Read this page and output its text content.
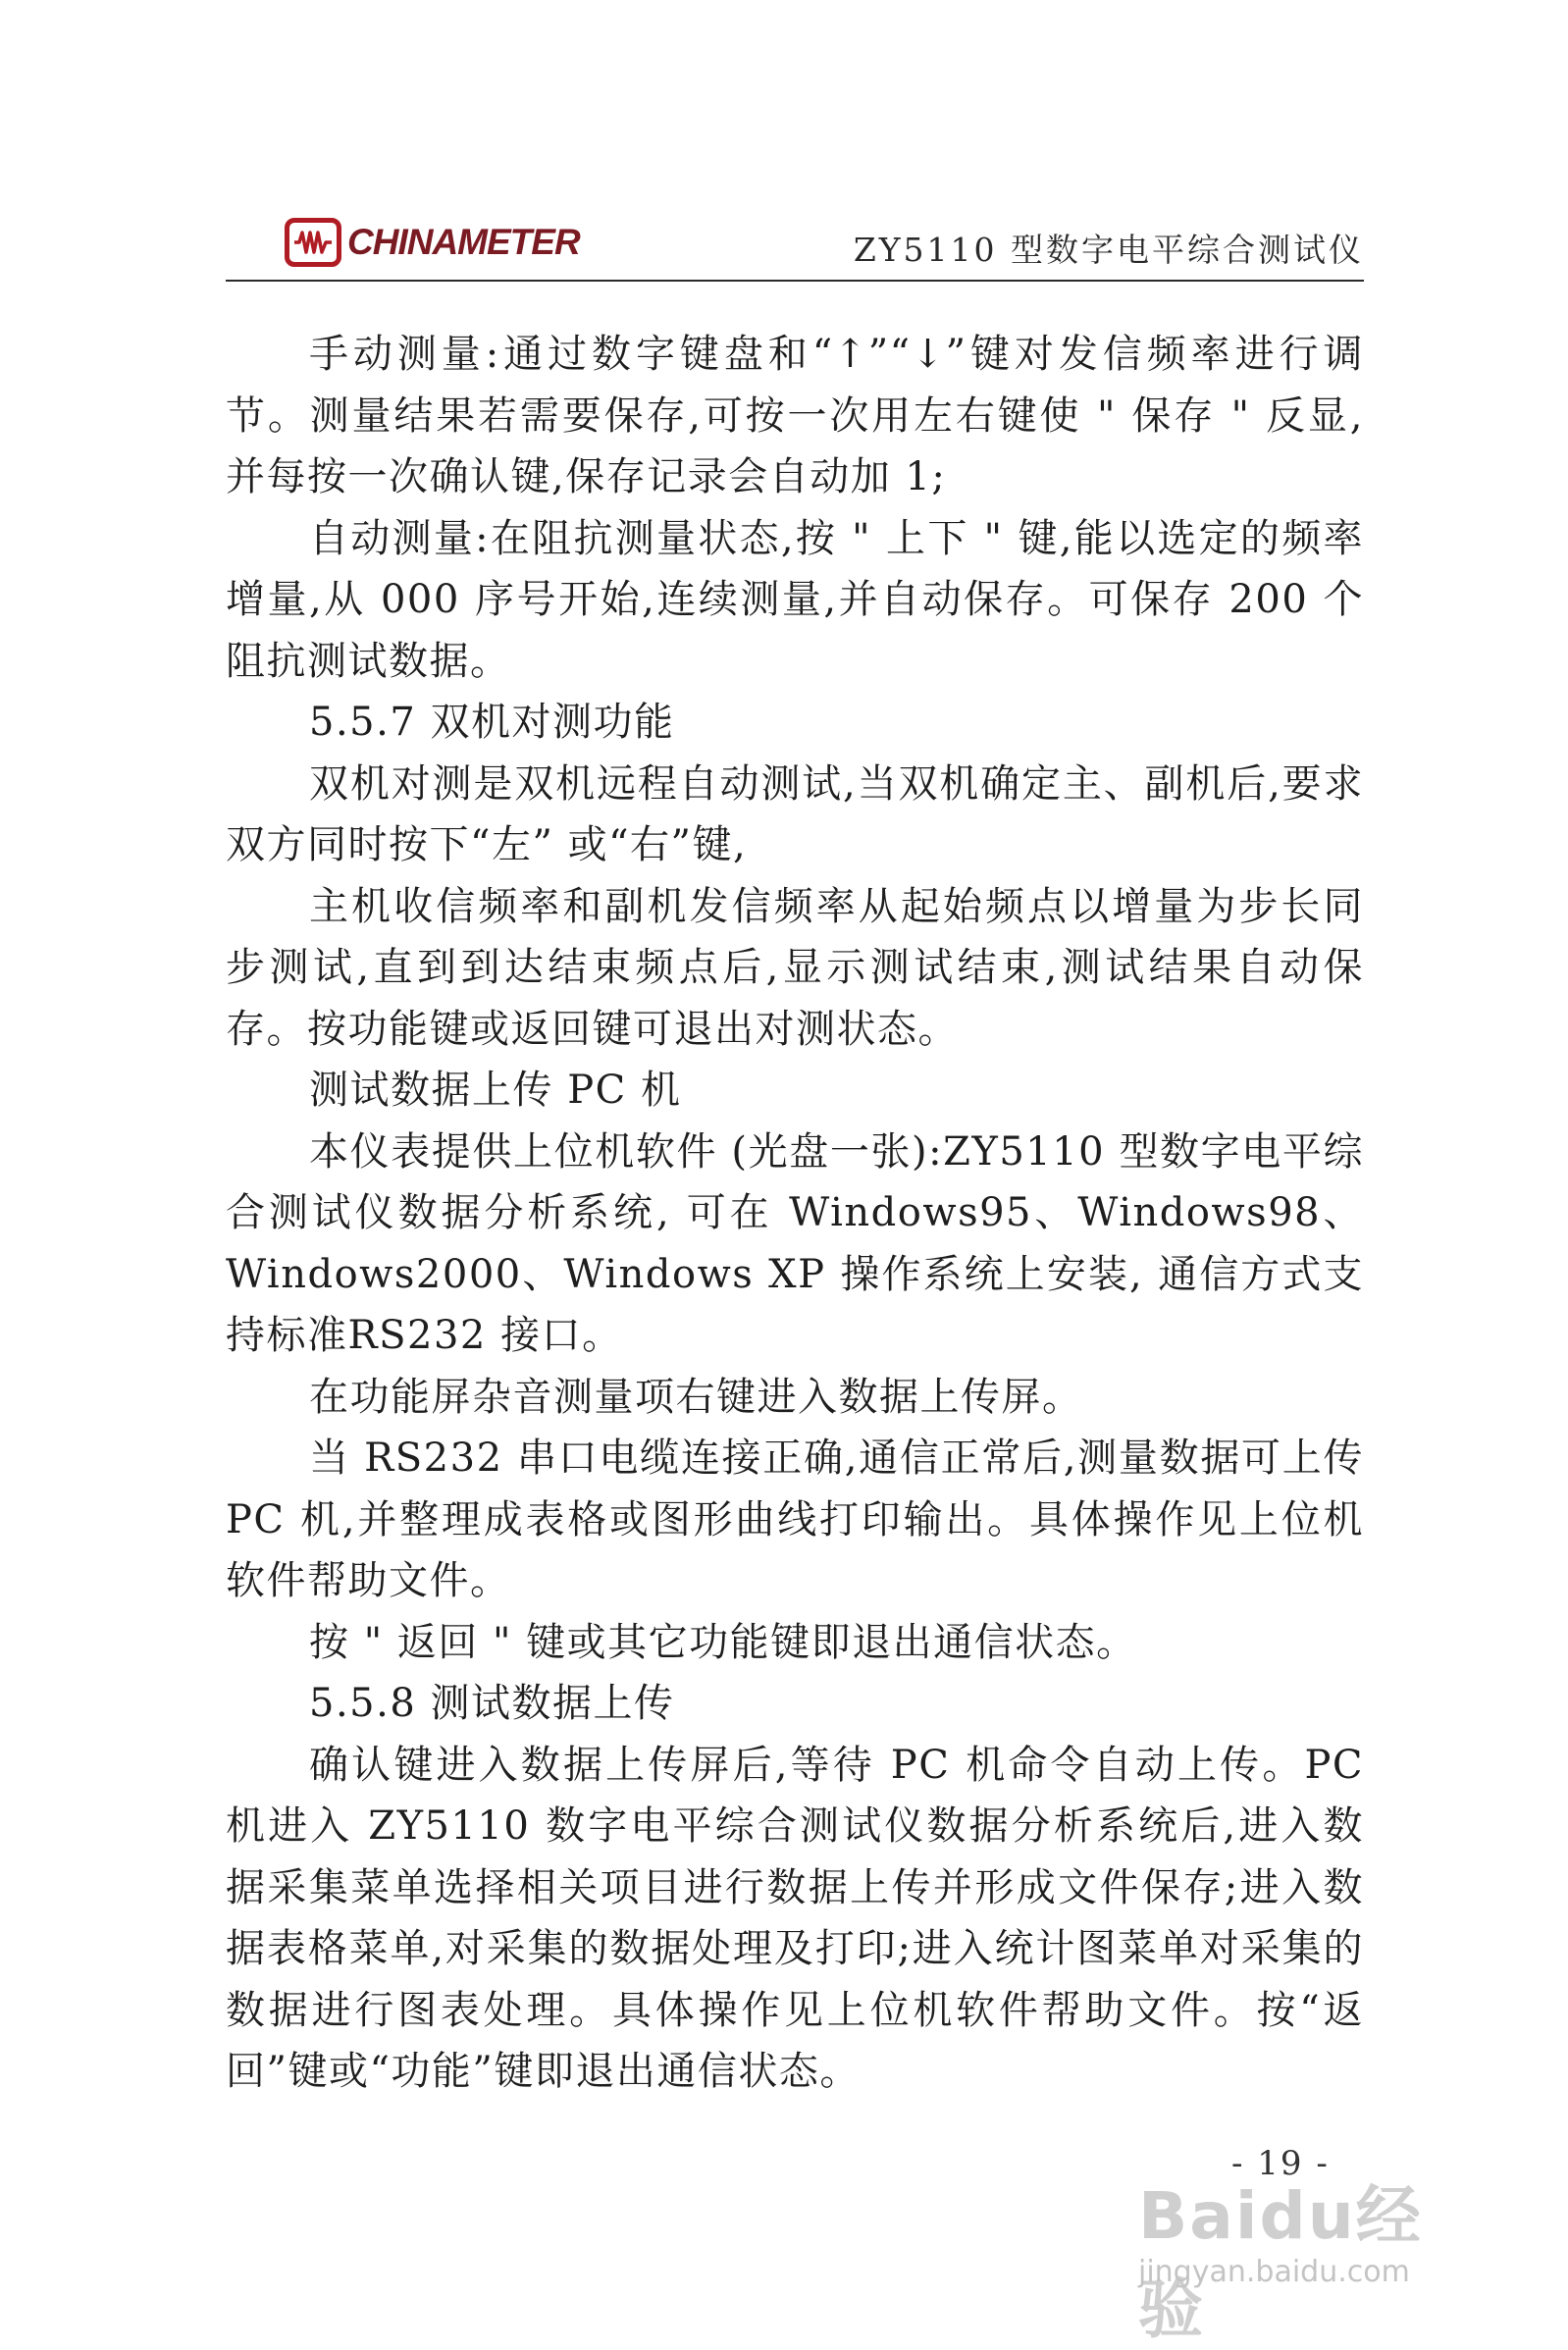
CHINAMETER	ZY5110 型数字电平综合测试仪

手动测量:通过数字键盘和“↑”“↓”键对发信频率进行调节。测量结果若需要保存,可按一次用左右键使 " 保存 " 反显,并每按一次确认键,保存记录会自动加 1;

自动测量:在阻抗测量状态,按 " 上下 " 键,能以选定的频率增量,从 000 序号开始,连续测量,并自动保存。可保存 200 个阻抗测试数据。

5.5.7 双机对测功能

双机对测是双机远程自动测试,当双机确定主、副机后,要求双方同时按下“左” 或“右”键,

主机收信频率和副机发信频率从起始频点以增量为步长同步测试,直到到达结束频点后,显示测试结束,测试结果自动保存。按功能键或返回键可退出对测状态。

测试数据上传 PC 机

本仪表提供上位机软件 (光盘一张):ZY5110 型数字电平综合测试仪数据分析系统, 可在 Windows95、Windows98、Windows2000、Windows XP 操作系统上安装, 通信方式支持标准RS232 接口。

在功能屏杂音测量项右键进入数据上传屏。

当 RS232 串口电缆连接正确,通信正常后,测量数据可上传PC 机,并整理成表格或图形曲线打印输出。具体操作见上位机软件帮助文件。

按 " 返回 " 键或其它功能键即退出通信状态。

5.5.8 测试数据上传

确认键进入数据上传屏后,等待 PC 机命令自动上传。PC 机进入 ZY5110 数字电平综合测试仪数据分析系统后,进入数据采集菜单选择相关项目进行数据上传并形成文件保存;进入数据表格菜单,对采集的数据处理及打印;进入统计图菜单对采集的数据进行图表处理。具体操作见上位机软件帮助文件。按“返回”键或“功能”键即退出通信状态。

- 19 -
Baidu经验
jingyan.baidu.com
